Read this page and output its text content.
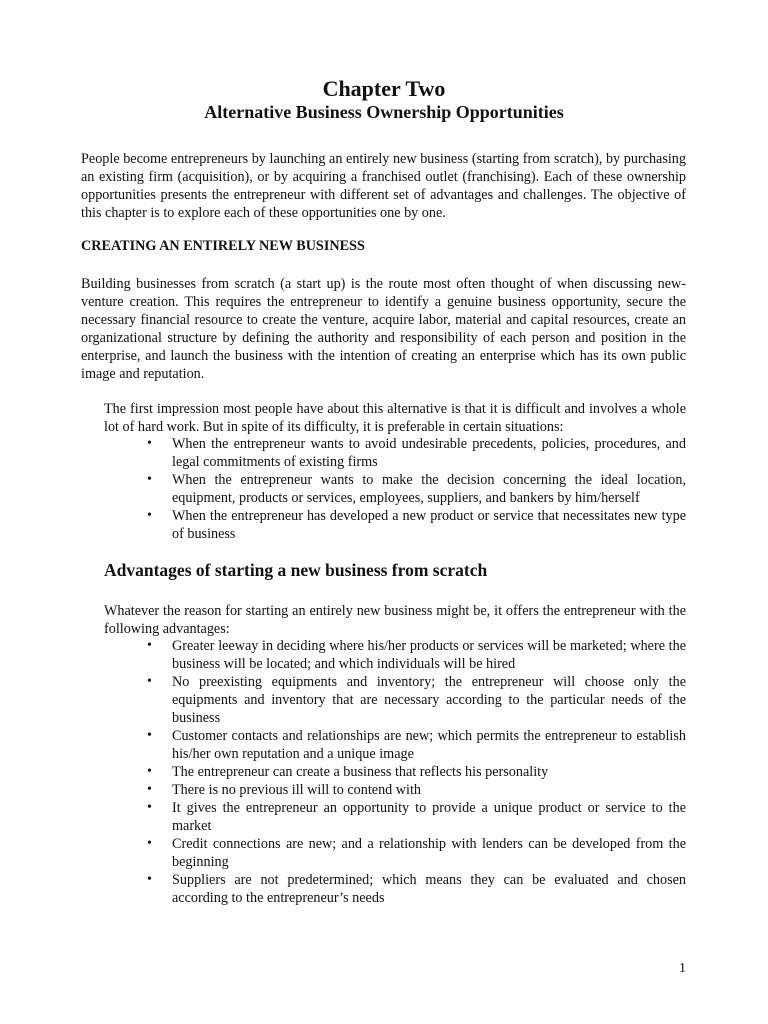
Chapter Two
Alternative Business Ownership Opportunities

People become entrepreneurs by launching an entirely new business (starting from scratch), by purchasing an existing firm (acquisition), or by acquiring a franchised outlet (franchising). Each of these ownership opportunities presents the entrepreneur with different set of advantages and challenges. The objective of this chapter is to explore each of these opportunities one by one.

CREATING AN ENTIRELY NEW BUSINESS

Building businesses from scratch (a start up) is the route most often thought of when discussing new-venture creation. This requires the entrepreneur to identify a genuine business opportunity, secure the necessary financial resource to create the venture, acquire labor, material and capital resources, create an organizational structure by defining the authority and responsibility of each person and position in the enterprise, and launch the business with the intention of creating an enterprise which has its own public image and reputation.

The first impression most people have about this alternative is that it is difficult and involves a whole lot of hard work. But in spite of its difficulty, it is preferable in certain situations:

• When the entrepreneur wants to avoid undesirable precedents, policies, procedures, and legal commitments of existing firms
• When the entrepreneur wants to make the decision concerning the ideal location, equipment, products or services, employees, suppliers, and bankers by him/herself
• When the entrepreneur has developed a new product or service that necessitates new type of business
Advantages of starting a new business from scratch

Whatever the reason for starting an entirely new business might be, it offers the entrepreneur with the following advantages:

• Greater leeway in deciding where his/her products or services will be marketed; where the business will be located; and which individuals will be hired
• No preexisting equipments and inventory; the entrepreneur will choose only the equipments and inventory that are necessary according to the particular needs of the business
• Customer contacts and relationships are new; which permits the entrepreneur to establish his/her own reputation and a unique image
• The entrepreneur can create a business that reflects his personality
• There is no previous ill will to contend with
• It gives the entrepreneur an opportunity to provide a unique product or service to the market
• Credit connections are new; and a relationship with lenders can be developed from the beginning
• Suppliers are not predetermined; which means they can be evaluated and chosen according to the entrepreneur’s needs

1
